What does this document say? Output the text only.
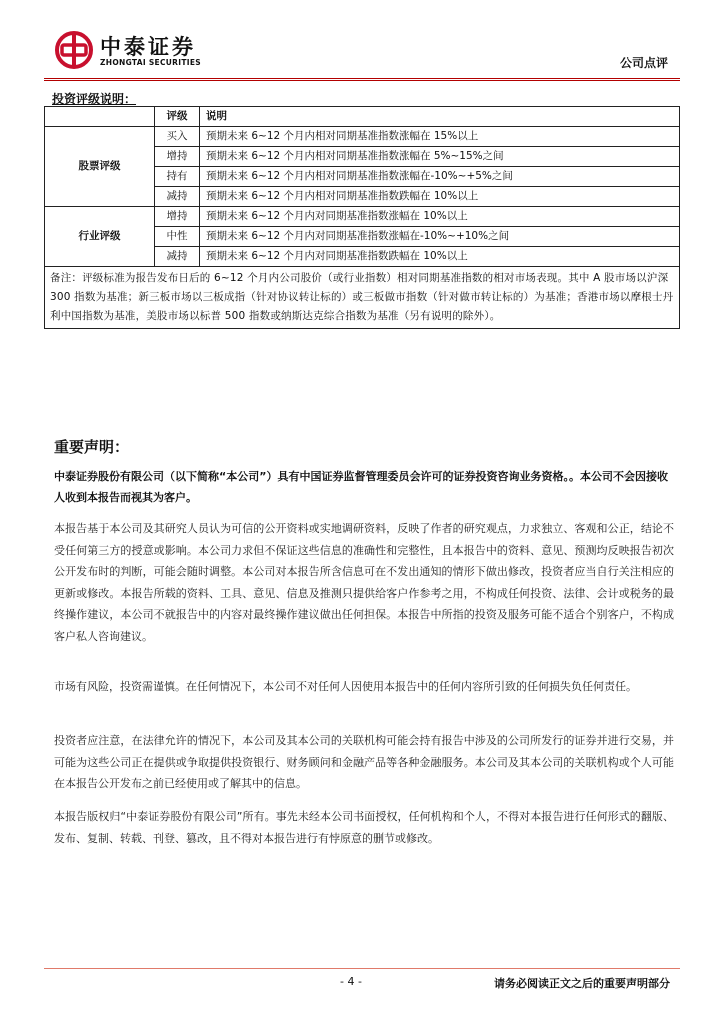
中泰证券
ZHONGTAI SECURITIES	公司点评
投资评级说明：
	评级	说明
股票评级	买入	预期未来 6~12 个月内相对同期基准指数涨幅在 15%以上
	增持	预期未来 6~12 个月内相对同期基准指数涨幅在 5%~15%之间
	持有	预期未来 6~12 个月内相对同期基准指数涨幅在-10%~+5%之间
	减持	预期未来 6~12 个月内相对同期基准指数跌幅在 10%以上
行业评级	增持	预期未来 6~12 个月内对同期基准指数涨幅在 10%以上
	中性	预期未来 6~12 个月内对同期基准指数涨幅在-10%~+10%之间
	减持	预期未来 6~12 个月内对同期基准指数跌幅在 10%以上
备注：评级标准为报告发布日后的 6~12 个月内公司股价（或行业指数）相对同期基准指数的相对市场表现。其中 A 股市场以沪深 300 指数为基准；新三板市场以三板成指（针对协议转让标的）或三板做市指数（针对做市转让标的）为基准；香港市场以摩根士丹利中国指数为基准，美股市场以标普 500 指数或纳斯达克综合指数为基准（另有说明的除外）。		
重要声明：
中泰证券股份有限公司（以下简称“本公司”）具有中国证券监督管理委员会许可的证券投资咨询业务资格。。本公司不会因接收人收到本报告而视其为客户。
本报告基于本公司及其研究人员认为可信的公开资料或实地调研资料，反映了作者的研究观点，力求独立、客观和公正，结论不受任何第三方的授意或影响。本公司力求但不保证这些信息的准确性和完整性，且本报告中的资料、意见、预测均反映报告初次公开发布时的判断，可能会随时调整。本公司对本报告所含信息可在不发出通知的情形下做出修改，投资者应当自行关注相应的更新或修改。本报告所载的资料、工具、意见、信息及推测只提供给客户作参考之用，不构成任何投资、法律、会计或税务的最终操作建议，本公司不就报告中的内容对最终操作建议做出任何担保。本报告中所指的投资及服务可能不适合个别客户，不构成客户私人咨询建议。
市场有风险，投资需谨慎。在任何情况下，本公司不对任何人因使用本报告中的任何内容所引致的任何损失负任何责任。
投资者应注意，在法律允许的情况下，本公司及其本公司的关联机构可能会持有报告中涉及的公司所发行的证券并进行交易，并可能为这些公司正在提供或争取提供投资银行、财务顾问和金融产品等各种金融服务。本公司及其本公司的关联机构或个人可能在本报告公开发布之前已经使用或了解其中的信息。
本报告版权归“中泰证券股份有限公司”所有。事先未经本公司书面授权，任何机构和个人，不得对本报告进行任何形式的翻版、发布、复制、转载、刊登、篡改，且不得对本报告进行有悖原意的删节或修改。
- 4 -	请务必阅读正文之后的重要声明部分
